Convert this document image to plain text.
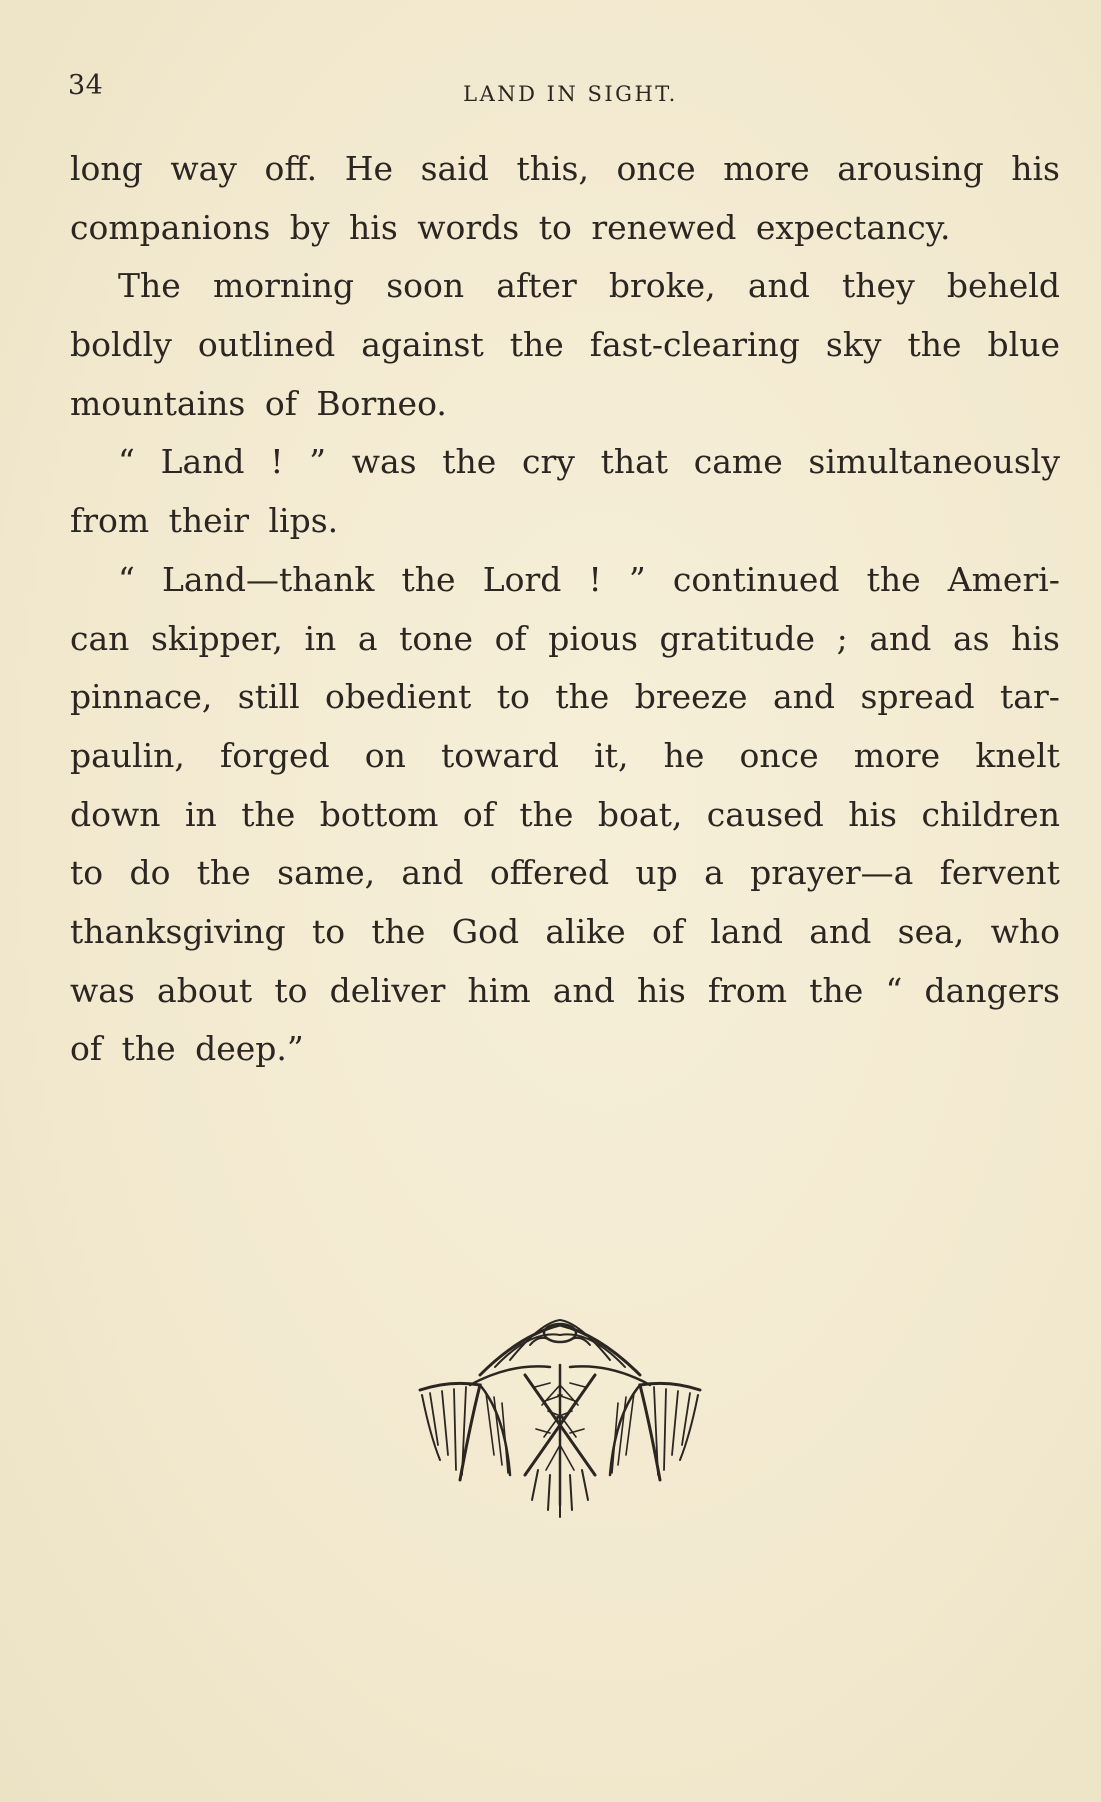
34	LAND IN SIGHT.
long way off. He said this, once more arousing his
companions by his words to renewed expectancy.
The morning soon after broke, and they beheld
boldly outlined against the fast-clearing sky the blue
mountains of Borneo.
“ Land ! ” was the cry that came simultaneously
from their lips.
“ Land—thank the Lord ! ” continued the Ameri-
can skipper, in a tone of pious gratitude ; and as his
pinnace, still obedient to the breeze and spread tar-
paulin, forged on toward it, he once more knelt
down in the bottom of the boat, caused his children
to do the same, and offered up a prayer—a fervent
thanksgiving to the God alike of land and sea, who
was about to deliver him and his from the “ dangers
of the deep.”
